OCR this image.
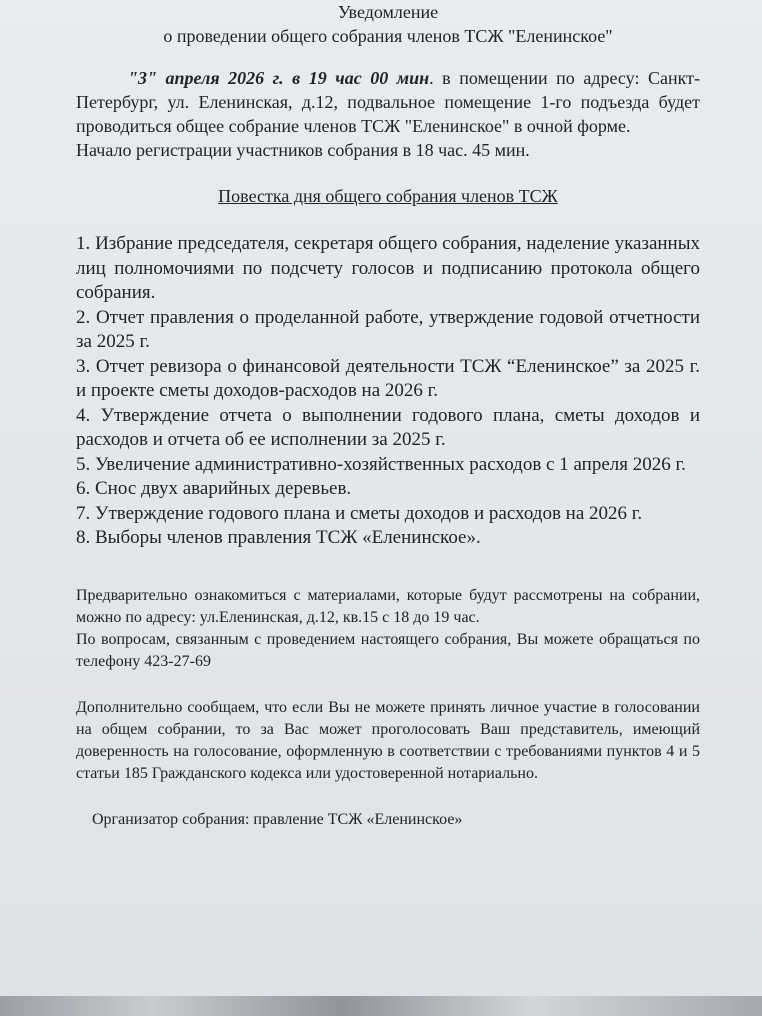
Уведомление

о проведении общего собрания членов ТСЖ "Еленинское"

"3" апреля 2026 г. в 19 час 00 мин. в помещении по адресу: Санкт-Петербург, ул. Еленинская, д.12, подвальное помещение 1-го подъезда будет проводиться общее собрание членов ТСЖ "Еленинское" в очной форме.

Начало регистрации участников собрания в 18 час. 45 мин.

Повестка дня общего собрания членов ТСЖ

1. Избрание председателя, секретаря общего собрания, наделение указанных лиц полномочиями по подсчету голосов и подписанию протокола общего собрания.
2. Отчет правления о проделанной работе, утверждение годовой отчетности за 2025 г.
3. Отчет ревизора о финансовой деятельности ТСЖ “Еленинское” за 2025 г. и проекте сметы доходов-расходов на 2026 г.
4. Утверждение отчета о выполнении годового плана, сметы доходов и расходов и отчета об ее исполнении за 2025 г.
5. Увеличение административно-хозяйственных расходов с 1 апреля 2026 г.
6. Снос двух аварийных деревьев.
7. Утверждение годового плана и сметы доходов и расходов на 2026 г.
8. Выборы членов правления ТСЖ «Еленинское».

Предварительно ознакомиться с материалами, которые будут рассмотрены на собрании, можно по адресу: ул.Еленинская, д.12, кв.15 с 18 до 19 час.

По вопросам, связанным с проведением настоящего собрания, Вы можете обращаться по телефону 423-27-69

Дополнительно сообщаем, что если Вы не можете принять личное участие в голосовании на общем собрании, то за Вас может проголосовать Ваш представитель, имеющий доверенность на голосование, оформленную в соответствии с требованиями пунктов 4 и 5 статьи 185 Гражданского кодекса или удостоверенной нотариально.

Организатор собрания: правление ТСЖ «Еленинское»
